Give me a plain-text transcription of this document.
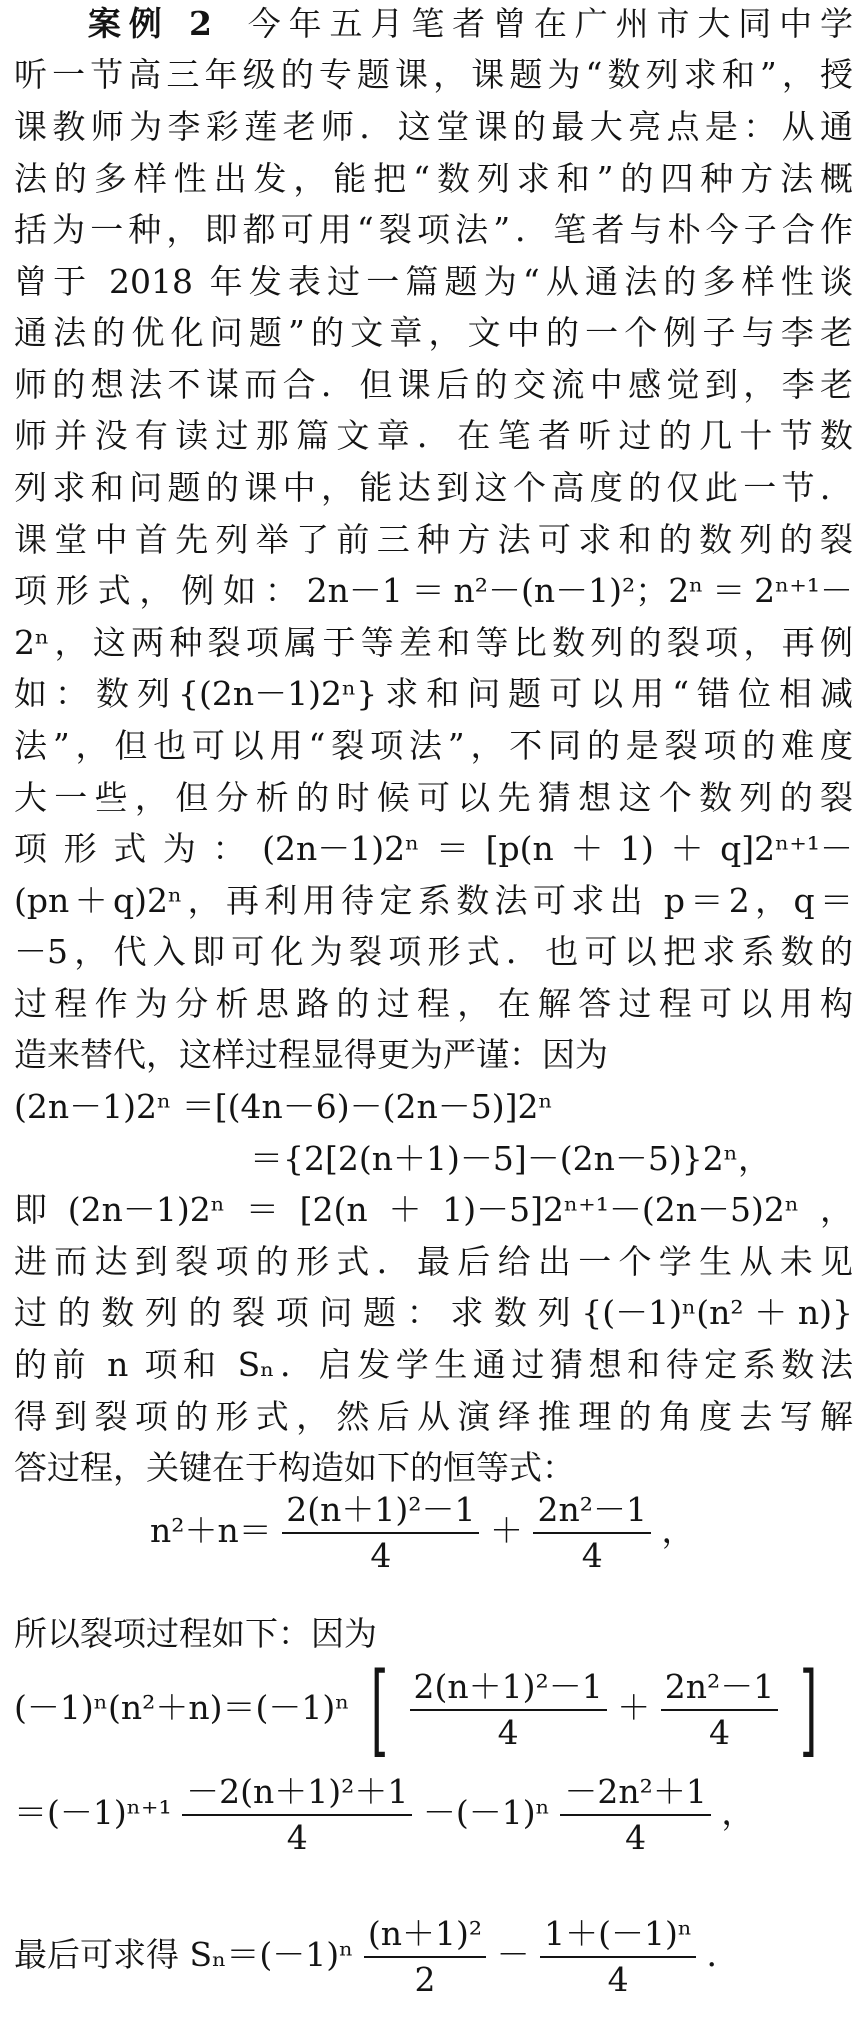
案例 2 今年五月笔者曾在广州市大同中学
听一节高三年级的专题课，课题为“数列求和”，授
课教师为李彩莲老师．这堂课的最大亮点是：从通
法的多样性出发，能把“数列求和”的四种方法概
括为一种，即都可用“裂项法”．笔者与朴今子合作
曾于 2018 年发表过一篇题为“从通法的多样性谈
通法的优化问题”的文章，文中的一个例子与李老
师的想法不谋而合．但课后的交流中感觉到，李老
师并没有读过那篇文章．在笔者听过的几十节数
列求和问题的课中，能达到这个高度的仅此一节．
课堂中首先列举了前三种方法可求和的数列的裂
项形式，例如：2n－1＝n²－(n－1)²；2ⁿ＝2ⁿ⁺¹－
2ⁿ，这两种裂项属于等差和等比数列的裂项，再例
如：数列{(2n－1)2ⁿ}求和问题可以用“错位相减
法”，但也可以用“裂项法”，不同的是裂项的难度
大一些，但分析的时候可以先猜想这个数列的裂
项形式为：(2n－1)2ⁿ＝[p(n＋1)＋q]2ⁿ⁺¹－
(pn＋q)2ⁿ，再利用待定系数法可求出 p＝2，q＝
－5，代入即可化为裂项形式．也可以把求系数的
过程作为分析思路的过程，在解答过程可以用构
造来替代，这样过程显得更为严谨：因为
(2n－1)2ⁿ ＝[(4n－6)－(2n－5)]2ⁿ
＝{2[2(n＋1)－5]－(2n－5)}2ⁿ，
即(2n－1)2ⁿ＝[2(n＋1)－5]2ⁿ⁺¹－(2n－5)2ⁿ，
进而达到裂项的形式．最后给出一个学生从未见
过的数列的裂项问题：求数列{(－1)ⁿ(n²＋n)}
的前 n 项和 Sₙ．启发学生通过猜想和待定系数法
得到裂项的形式，然后从演绎推理的角度去写解
答过程，关键在于构造如下的恒等式：
$n^2+n= \frac{\text{2(n＋1)²－1}}{4} + \frac{\text{2n²－1}}{4}$ ，
所以裂项过程如下：因为
(－1)ⁿ(n²＋n)＝(－1)ⁿ [ $\frac{\text{2(n＋1)²－1}}{4} + \frac{\text{2n²－1}}{4}$ ]
$=(-1)^{n+1} \frac{\text{－2(n＋1)²＋1}}{4} -(-1)^n \frac{\text{－2n²＋1}}{4}$ ，
最后可求得 $S_n=(-1)^n \frac{\text{(n＋1)²}}{2} - \frac{\text{1＋(－1)ⁿ}}{4}$ ．
